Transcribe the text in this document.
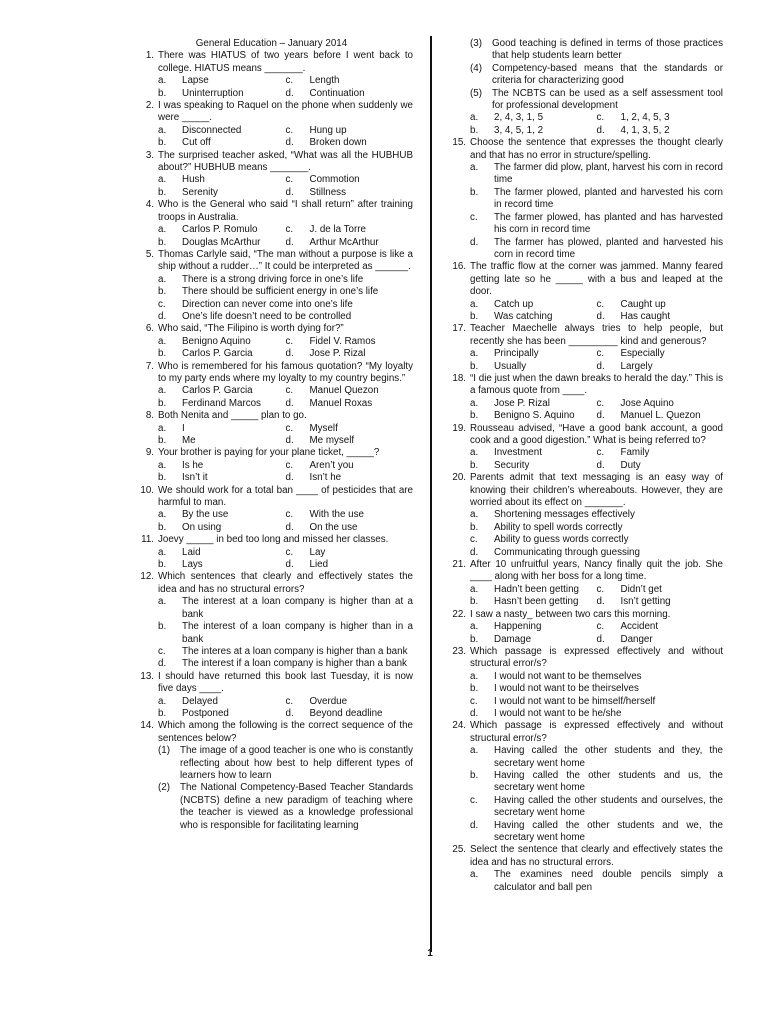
General Education – January 2014
1. There was HIATUS of two years before I went back to college. HIATUS means _______.
a.	Lapse	c.	Length
b.	Uninterruption	d.	Continuation
2. I was speaking to Raquel on the phone when suddenly we were _____.
a.	Disconnected	c.	Hung up
b.	Cut off	d.	Broken down
3. The surprised teacher asked, “What was all the HUBHUB about?” HUBHUB means _______.
a.	Hush	c.	Commotion
b.	Serenity	d.	Stillness
4. Who is the General who said “I shall return” after training troops in Australia.
a.	Carlos P. Romulo	c.	J. de la Torre
b.	Douglas McArthur	d.	Arthur McArthur
5. Thomas Carlyle said, “The man without a purpose is like a ship without a rudder…” It could be interpreted as ______.
a.	There is a strong driving force in one’s life
b.	There should be sufficient energy in one’s life
c.	Direction can never come into one’s life
d.	One’s life doesn’t need to be controlled
6. Who said, “The Filipino is worth dying for?”
a.	Benigno Aquino	c.	Fidel V. Ramos
b.	Carlos P. Garcia	d.	Jose P. Rizal
7. Who is remembered for his famous quotation? “My loyalty to my party ends where my loyalty to my country begins.”
a.	Carlos P. Garcia	c.	Manuel Quezon
b.	Ferdinand Marcos	d.	Manuel Roxas
8. Both Nenita and _____ plan to go.
a.	I	c.	Myself
b.	Me	d.	Me myself
9. Your brother is paying for your plane ticket, _____?
a.	Is he	c.	Aren’t you
b.	Isn’t it	d.	Isn’t he
10. We should work for a total ban ____ of pesticides that are harmful to man.
a.	By the use	c.	With the use
b.	On using	d.	On the use
11. Joevy _____ in bed too long and missed her classes.
a.	Laid	c.	Lay
b.	Lays	d.	Lied
12. Which sentences that clearly and effectively states the idea and has no structural errors?
a.	The interest at a loan company is higher than at a bank
b.	The interest of a loan company is higher than in a bank
c.	The interes at a loan company is higher than a bank
d.	The interest if a loan company is higher than a bank
13. I should have returned this book last Tuesday, it is now five days ____.
a.	Delayed	c.	Overdue
b.	Postponed	d.	Beyond deadline
14. Which among the following is the correct sequence of the sentences below?
(1)	The image of a good teacher is one who is constantly reflecting about how best to help different types of learners how to learn
(2)	The National Competency-Based Teacher Standards (NCBTS) define a new paradigm of teaching where the teacher is viewed as a knowledge professional who is responsible for facilitating learning
(3)	Good teaching is defined in terms of those practices that help students learn better
(4)	Competency-based means that the standards or criteria for characterizing good
(5)	The NCBTS can be used as a self assessment tool for professional development
a.	2, 4, 3, 1, 5	c.	1, 2, 4, 5, 3
b.	3, 4, 5, 1, 2	d.	4, 1, 3, 5, 2
15. Choose the sentence that expresses the thought clearly and that has no error in structure/spelling.
a.	The farmer did plow, plant, harvest his corn in record time
b.	The farmer plowed, planted and harvested his corn in record time
c.	The farmer plowed, has planted and has harvested his corn in record time
d.	The farmer has plowed, planted and harvested his corn in record time
16. The traffic flow at the corner was jammed. Manny feared getting late so he _____ with a bus and leaped at the door.
a.	Catch up	c.	Caught up
b.	Was catching	d.	Has caught
17. Teacher Maechelle always tries to help people, but recently she has been _________ kind and generous?
a.	Principally	c.	Especially
b.	Usually	d.	Largely
18. “I die just when the dawn breaks to herald the day.” This is a famous quote from ____.
a.	Jose P. Rizal	c.	Jose Aquino
b.	Benigno S. Aquino d.	Manuel L. Quezon
19. Rousseau advised, “Have a good bank account, a good cook and a good digestion.” What is being referred to?
a.	Investment	c.	Family
b.	Security	d.	Duty
20. Parents admit that text messaging is an easy way of knowing their children’s whereabouts. However, they are worried about its effect on _______.
a.	Shortening messages effectively
b.	Ability to spell words correctly
c.	Ability to guess words correctly
d.	Communicating through guessing
21. After 10 unfruitful years, Nancy finally quit the job. She ____ along with her boss for a long time.
a.	Hadn’t been getting c.	Didn’t get
b.	Hasn’t been getting d.	Isn’t getting
22. I saw a nasty_ between two cars this morning.
a.	Happening	c.	Accident
b.	Damage	d.	Danger
23. Which passage is expressed effectively and without structural error/s?
a.	I would not want to be themselves
b.	I would not want to be theirselves
c.	I would not want to be himself/herself
d.	I would not want to be he/she
24. Which passage is expressed effectively and without structural error/s?
a.	Having called the other students and they, the secretary went home
b.	Having called the other students and us, the secretary went home
c.	Having called the other students and ourselves, the secretary went home
d.	Having called the other students and we, the secretary went home
25. Select the sentence that clearly and effectively states the idea and has no structural errors.
a.	The examines need double pencils simply a calculator and ball pen
1
